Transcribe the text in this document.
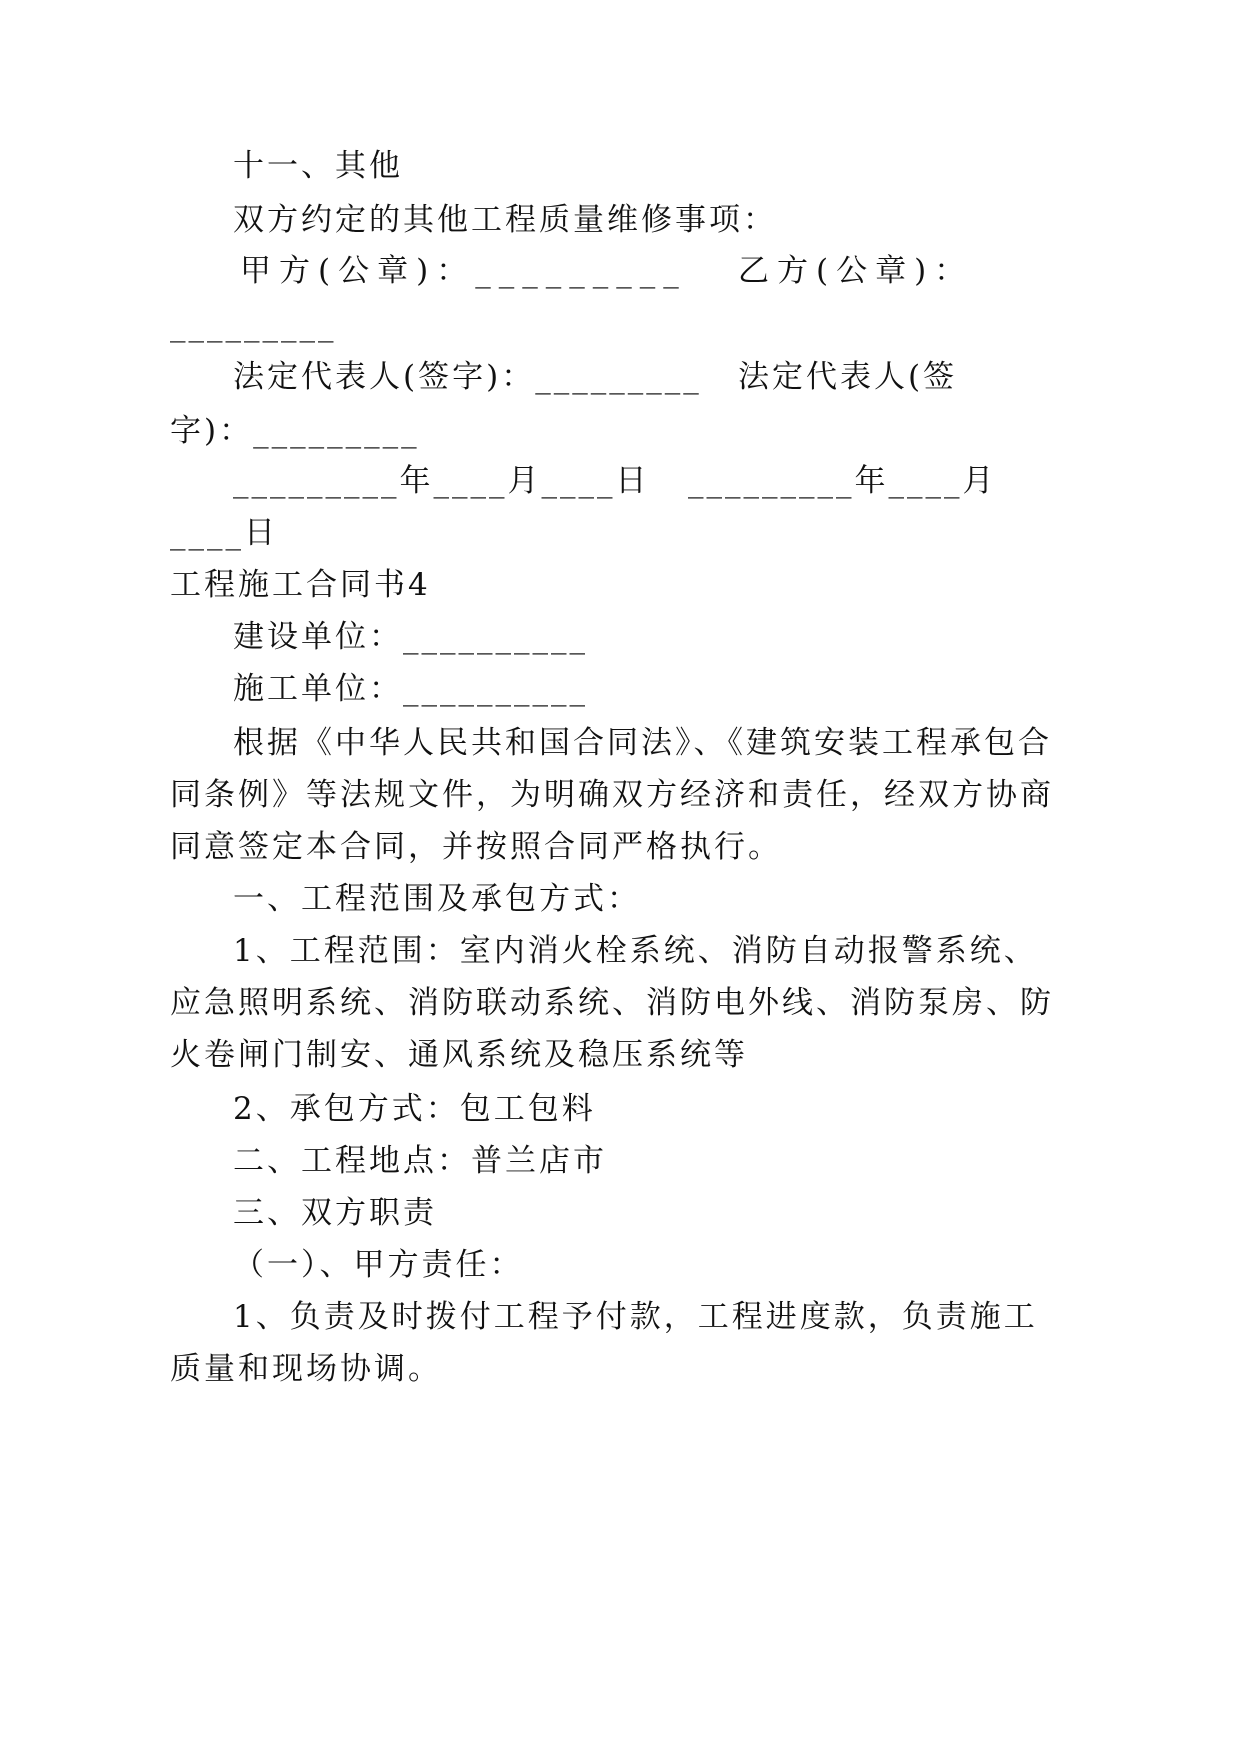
十一、其他
双方约定的其他工程质量维修事项：
甲方(公章)：_________ 乙方(公章)：
_________
法定代表人(签字)：_________ 法定代表人(签
字)：_________
_________年____月____日 _________年____月
____日
工程施工合同书4
建设单位：__________
施工单位：__________
根据《中华人民共和国合同法》、《建筑安装工程承包合
同条例》等法规文件，为明确双方经济和责任，经双方协商
同意签定本合同，并按照合同严格执行。
一、工程范围及承包方式：
1、工程范围：室内消火栓系统、消防自动报警系统、
应急照明系统、消防联动系统、消防电外线、消防泵房、防
火卷闸门制安、通风系统及稳压系统等
2、承包方式：包工包料
二、工程地点：普兰店市
三、双方职责
（一）、甲方责任：
1、负责及时拨付工程予付款，工程进度款，负责施工
质量和现场协调。
